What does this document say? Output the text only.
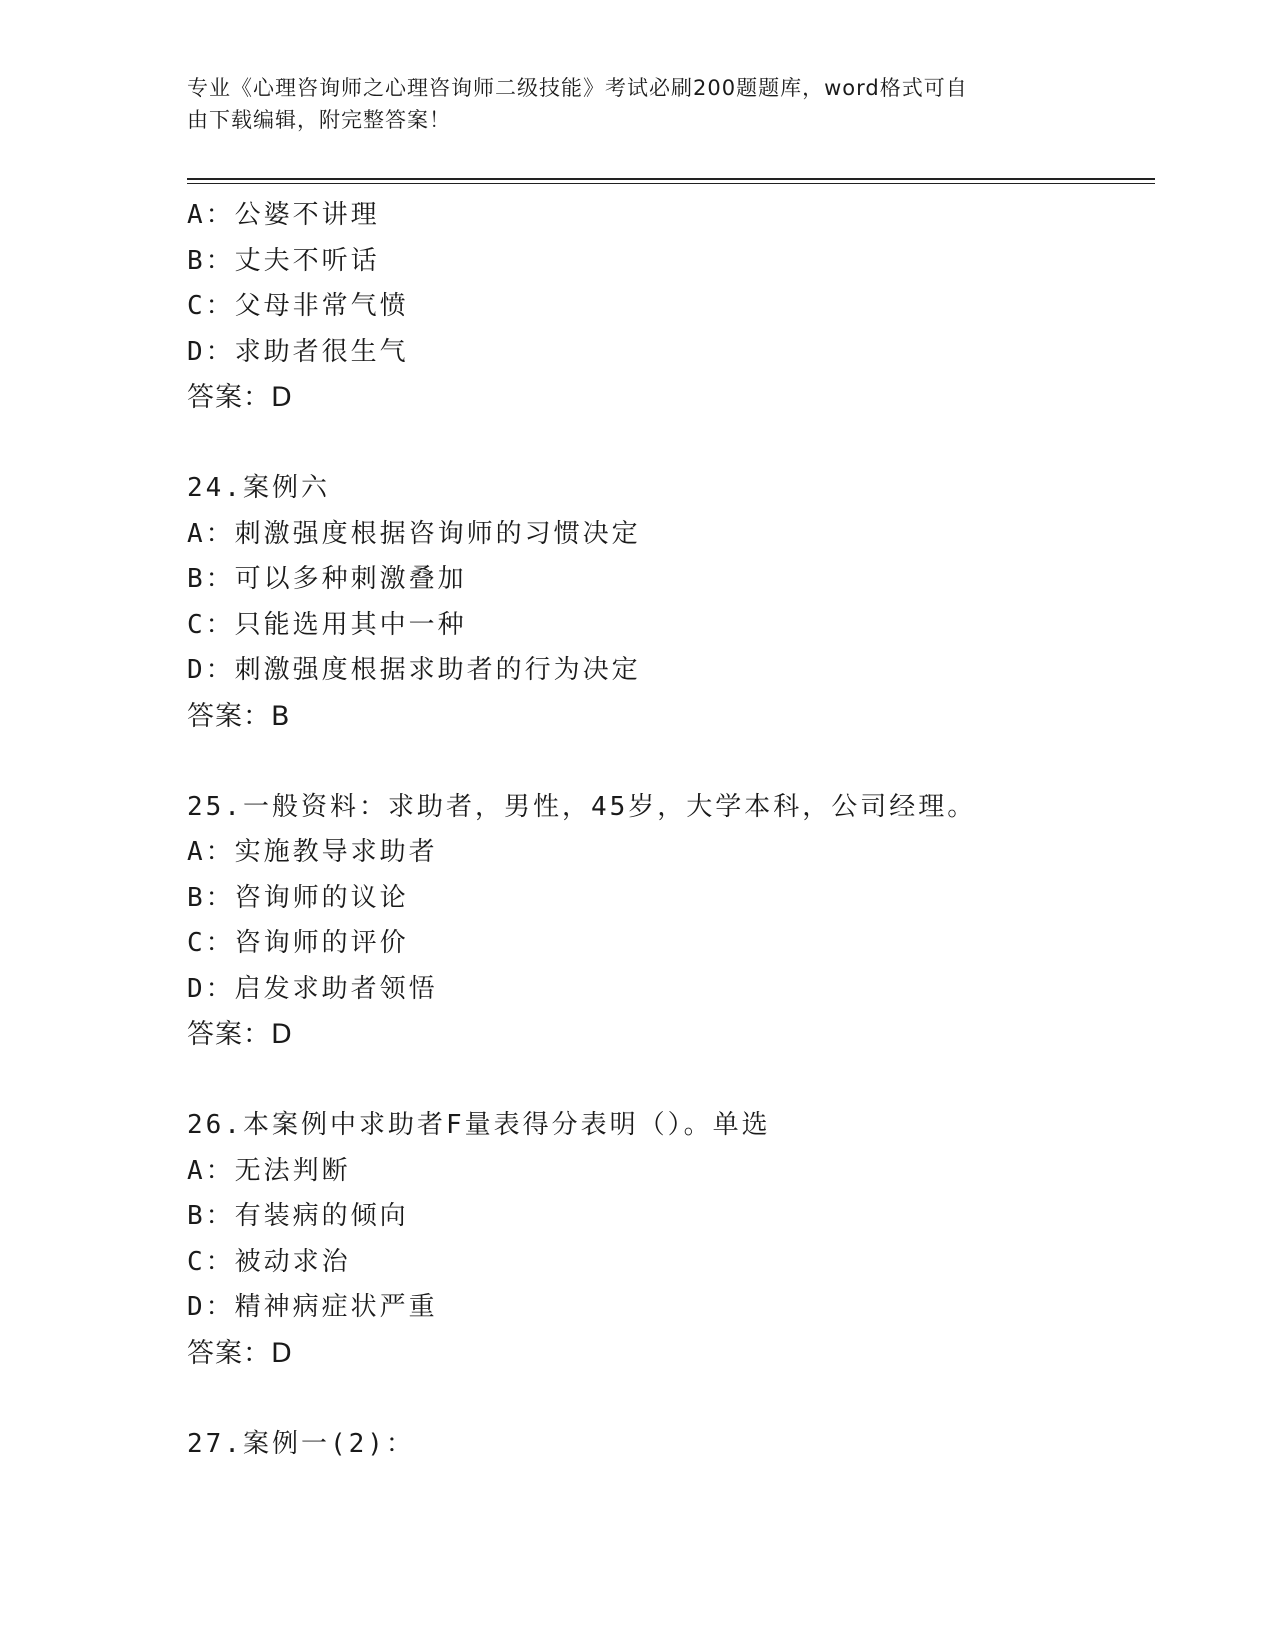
专业《心理咨询师之心理咨询师二级技能》考试必刷200题题库，word格式可自
由下载编辑，附完整答案！
A：公婆不讲理
B：丈夫不听话
C：父母非常气愤
D：求助者很生气
答案：D
24.案例六
A：刺激强度根据咨询师的习惯决定
B：可以多种刺激叠加
C：只能选用其中一种
D：刺激强度根据求助者的行为决定
答案：B
25.一般资料：求助者，男性，45岁，大学本科，公司经理。
A：实施教导求助者
B：咨询师的议论
C：咨询师的评价
D：启发求助者领悟
答案：D
26.本案例中求助者F量表得分表明（）。单选
A：无法判断
B：有装病的倾向
C：被动求治
D：精神病症状严重
答案：D
27.案例一(2)：
